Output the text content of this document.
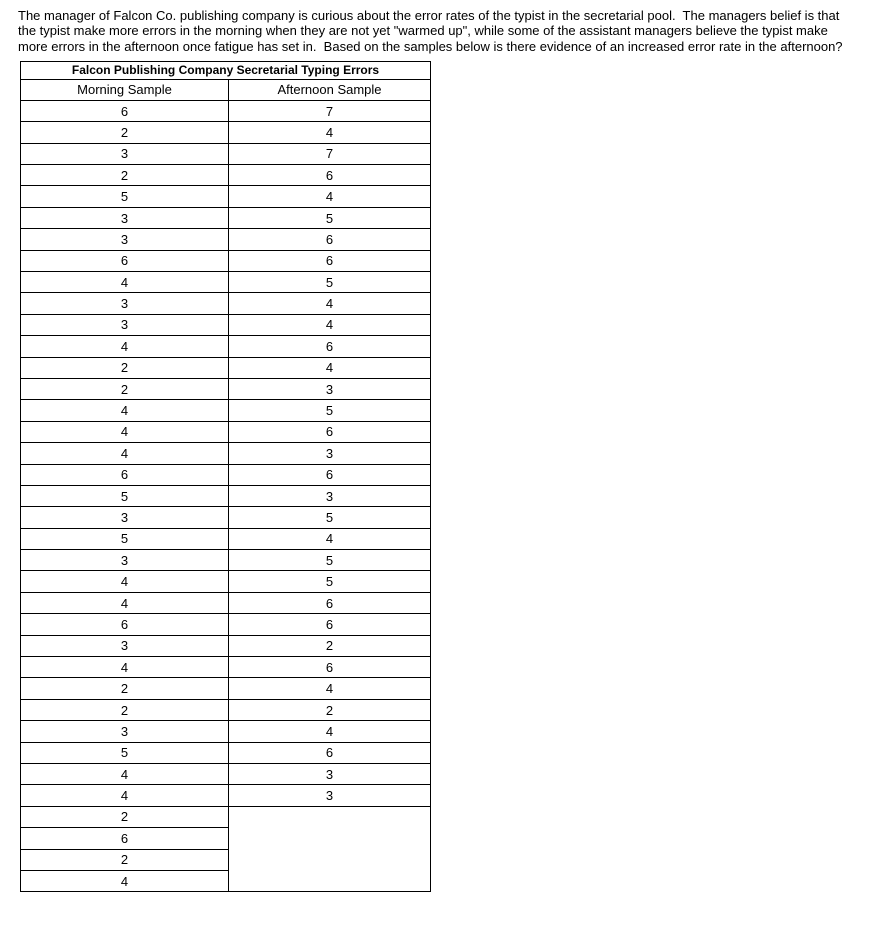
The manager of Falcon Co. publishing company is curious about the error rates of the typist in the secretarial pool.  The managers belief is that the typist make more errors in the morning when they are not yet "warmed up", while some of the assistant managers believe the typist make more errors in the afternoon once fatigue has set in.  Based on the samples below is there evidence of an increased error rate in the afternoon?

Falcon Publishing Company Secretarial Typing Errors	
Morning Sample	Afternoon Sample
6	7
2	4
3	7
2	6
5	4
3	5
3	6
6	6
4	5
3	4
3	4
4	6
2	4
2	3
4	5
4	6
4	3
6	6
5	3
3	5
5	4
3	5
4	5
4	6
6	6
3	2
4	6
2	4
2	2
3	4
5	6
4	3
4	3
2	
6	
2	
4	
